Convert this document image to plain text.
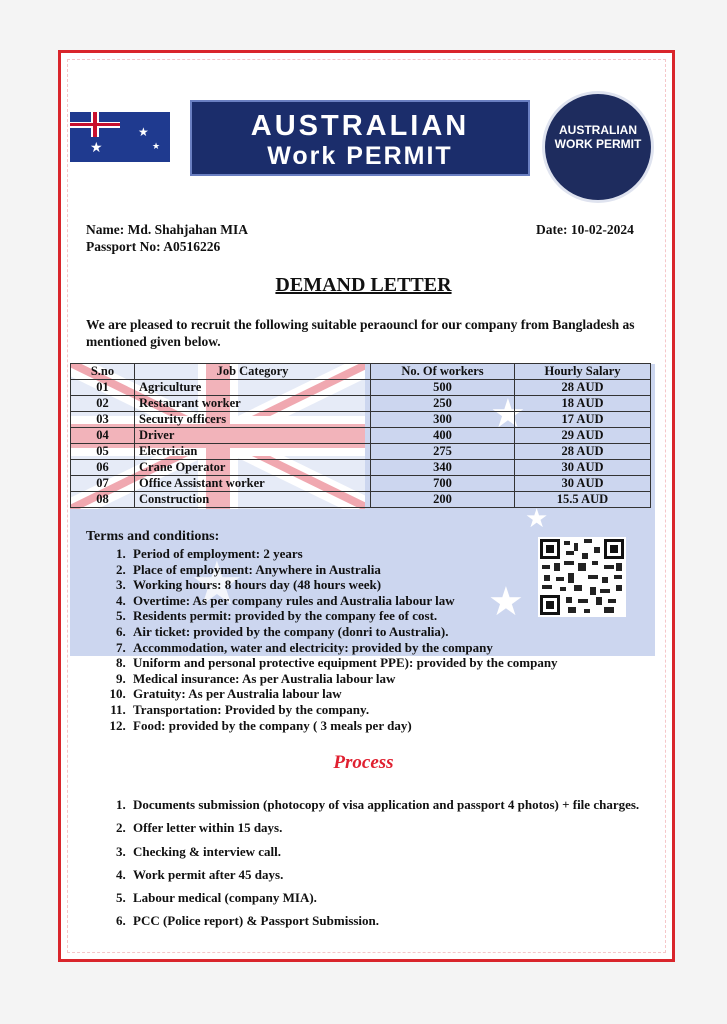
★
★	★
AUSTRALIAN
Work PERMIT
AUSTRALIAN
WORK PERMIT
Name: Md. Shahjahan MIA
Passport No: A0516226
Date: 10-02-2024
DEMAND LETTER
We are pleased to recruit the following suitable peraouncl for our company from Bangladesh as mentioned given below.
★
★
★
★
S.no	Job Category	No. Of workers	Hourly Salary
01	Agriculture	500	28 AUD
02	Restaurant worker	250	18 AUD
03	Security officers	300	17 AUD
04	Driver	400	29 AUD
05	Electrician	275	28 AUD
06	Crane Operator	340	30 AUD
07	Office Assistant worker	700	30 AUD
08	Construction	200	15.5 AUD
Terms and conditions:
1. Period of employment: 2 years
2. Place of employment: Anywhere in Australia
3. Working hours: 8 hours day (48 hours week)
4. Overtime: As per company rules and Australia labour law
5. Residents permit: provided by the company fee of cost.
6. Air ticket: provided by the company (donri to Australia).
7. Accommodation, water and electricity: provided by the company
8. Uniform and personal protective equipment PPE): provided by the company
9. Medical insurance: As per Australia labour law
10. Gratuity: As per Australia labour law
11. Transportation: Provided by the company.
12. Food: provided by the company ( 3 meals per day)
Process
1. Documents submission (photocopy of visa application and passport 4 photos) + file charges.
2. Offer letter within 15 days.
3. Checking & interview call.
4. Work permit after 45 days.
5. Labour medical (company MIA).
6. PCC (Police report) & Passport Submission.
